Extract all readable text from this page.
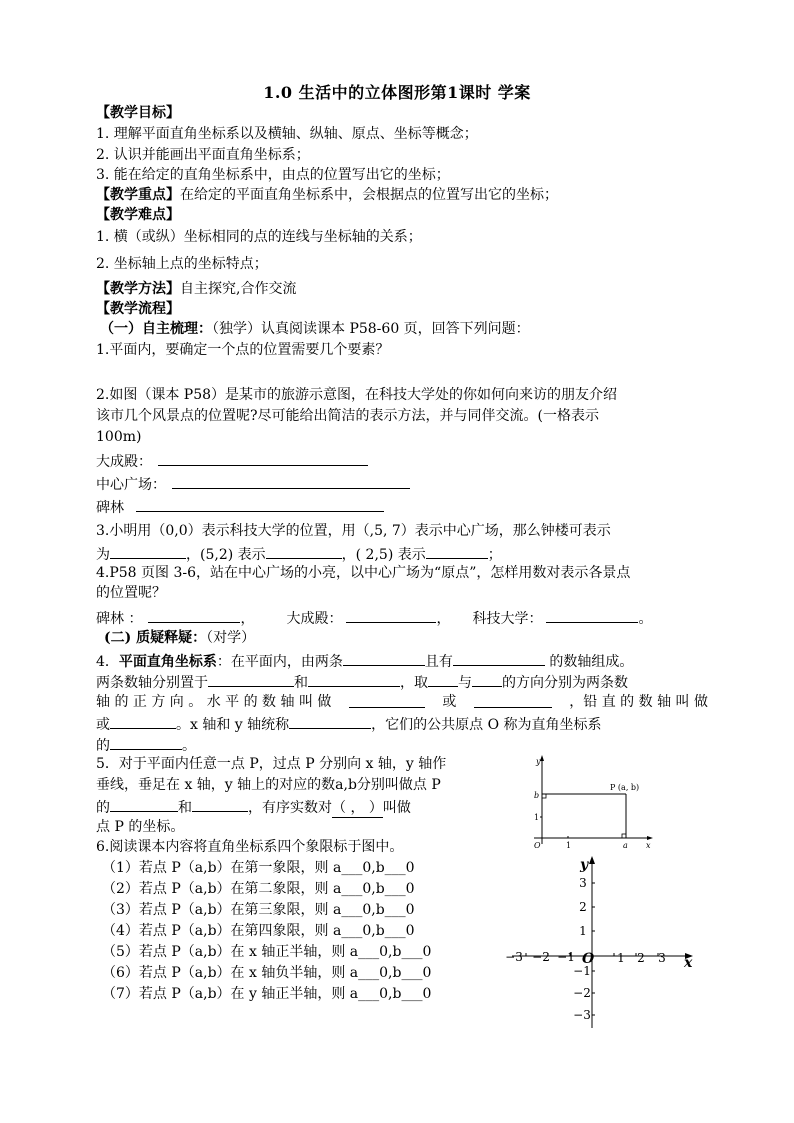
1.0 生活中的立体图形第1课时 学案
【教学目标】
1. 理解平面直角坐标系以及横轴、纵轴、原点、坐标等概念；
2. 认识并能画出平面直角坐标系；
3. 能在给定的直角坐标系中，由点的位置写出它的坐标；
【教学重点】在给定的平面直角坐标系中，会根据点的位置写出它的坐标；
【教学难点】
1. 横（或纵）坐标相同的点的连线与坐标轴的关系；
2. 坐标轴上点的坐标特点；
【教学方法】自主探究,合作交流
【教学流程】
（一）自主梳理：（独学）认真阅读课本 P58-60 页，回答下列问题：
1.平面内，要确定一个点的位置需要几个要素？
2.如图（课本 P58）是某市的旅游示意图，在科技大学处的你如何向来访的朋友介绍
该市几个风景点的位置呢?尽可能给出简洁的表示方法，并与同伴交流。(一格表示
100m)
大成殿：
中心广场：
碑林
3.小明用（0,0）表示科技大学的位置，用（,5, 7）表示中心广场，那么钟楼可表示
为	，(5,2) 表示	，( 2,5) 表示	；
4.P58 页图 3-6，站在中心广场的小亮，以中心广场为“原点”，怎样用数对表示各景点
的位置呢？
碑林 ：	， 大成殿：	， 科技大学：	。
(二) 质疑释疑：（对学）
4．平面直角坐标系：在平面内，由两条	且有	的数轴组成。
两条数轴分别置于	和	，取 与 的方向分别为两条数
轴 的 正 方 向 。 水 平 的 数 轴 叫 做	或	，铅 直 的 数 轴 叫 做
或	。x 轴和 y 轴统称	，它们的公共原点 O 称为直角坐标系
的	。
5．对于平面内任意一点 P，过点 P 分别向 x 轴，y 轴作
垂线，垂足在 x 轴，y 轴上的对应的数a,b分别叫做点 P
的	和	，有序实数对（ ， ）叫做
点 P 的坐标。
6.阅读课本内容将直角坐标系四个象限标于图中。
（1）若点 P（a,b）在第一象限，则 a___0,b___0
（2）若点 P（a,b）在第二象限，则 a___0,b___0
（3）若点 P（a,b）在第三象限，则 a___0,b___0
（4）若点 P（a,b）在第四象限，则 a___0,b___0
（5）若点 P（a,b）在 x 轴正半轴，则 a___0,b___0
（6）若点 P（a,b）在 x 轴负半轴，则 a___0,b___0
（7）若点 P（a,b）在 y 轴正半轴，则 a___0,b___0
y
x
O
b
a
1
1
P (a, b)
−3 −2 −1	1 2 3
3
2
1
−1
−2
−3
y
x
O
